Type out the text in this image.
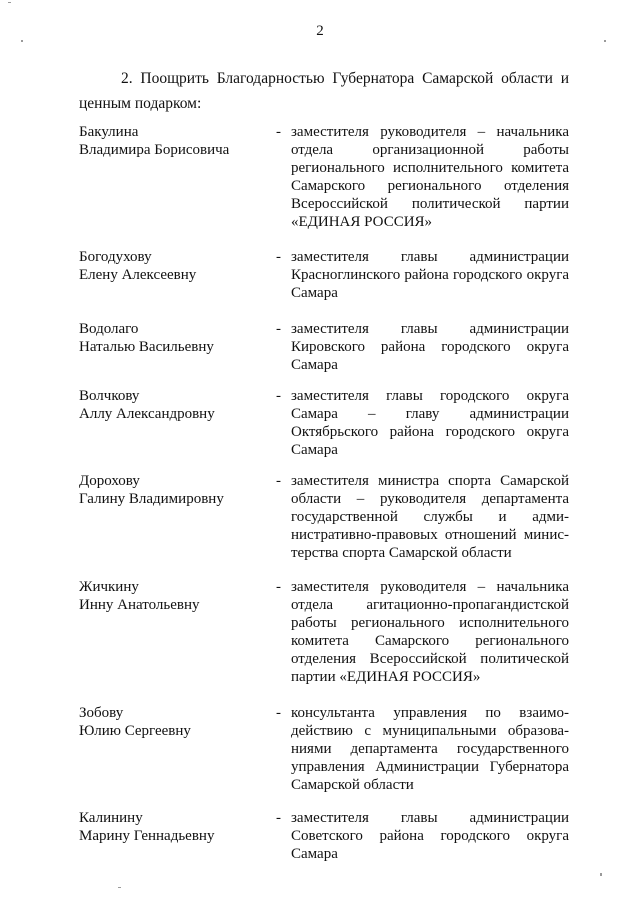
2
2. Поощрить Благодарностью Губернатора Самарской области и
ценным подарком:
Бакулина
Владимира Борисовича
- заместителя руководителя – начальника отдела организационной работы регионального исполнительного комитета Самарского регионального отделения Всероссийской политической партии «ЕДИНАЯ РОССИЯ»
Богодухову
Елену Алексеевну
- заместителя главы администрации Красноглинского района городского округа Самара
Водолаго
Наталью Васильевну
- заместителя главы администрации Кировского района городского округа Самара
Волчкову
Аллу Александровну
- заместителя главы городского округа Самара – главу администрации Октябрьского района городского округа Самара
Дорохову
Галину Владимировну
- заместителя министра спорта Самарской области – руководителя департамента государственной службы и административно-правовых отношений министерства спорта Самарской области
Жичкину
Инну Анатольевну
- заместителя руководителя – начальника отдела агитационно-пропагандистской работы регионального исполнительного комитета Самарского регионального отделения Всероссийской политической партии «ЕДИНАЯ РОССИЯ»
Зобову
Юлию Сергеевну
- консультанта управления по взаимодействию с муниципальными образованиями департамента государственного управления Администрации Губернатора Самарской области
Калинину
Марину Геннадьевну
- заместителя главы администрации Советского района городского округа Самара
